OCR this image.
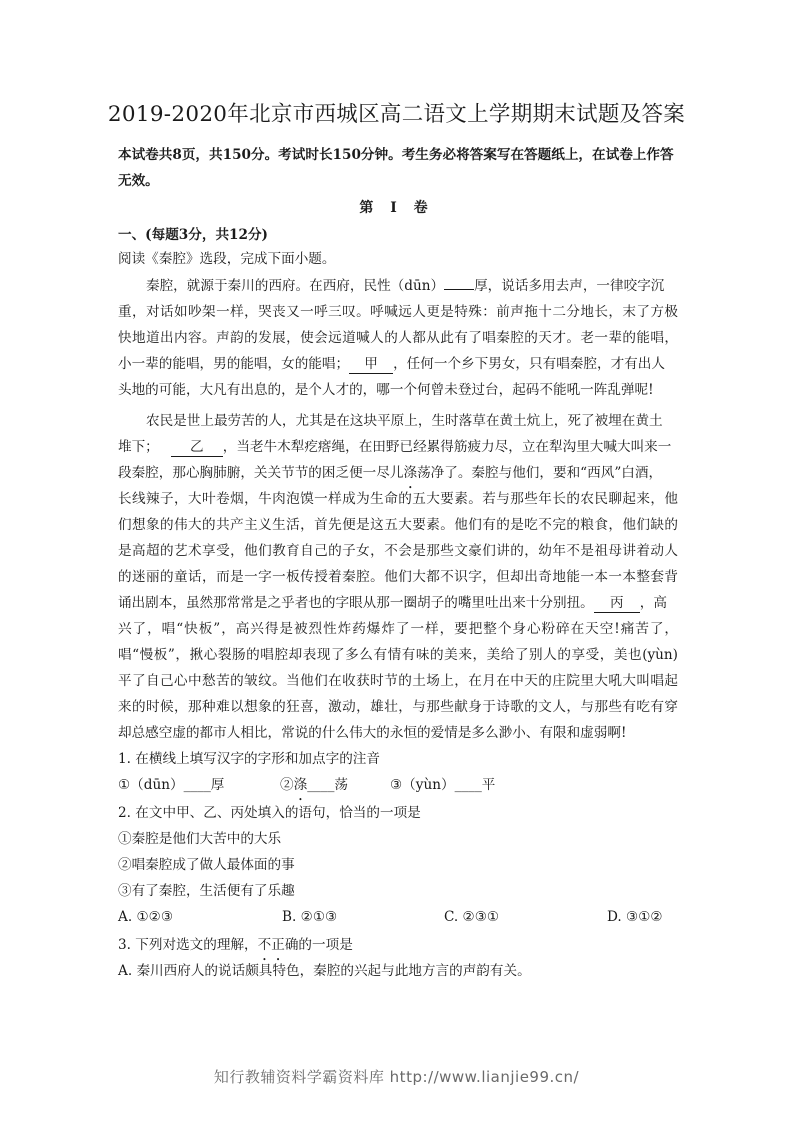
2019-2020年北京市西城区高二语文上学期期末试题及答案
本试卷共8页，共150分。考试时长150分钟。考生务必将答案写在答题纸上，在试卷上作答无效。
第 Ⅰ 卷
一、(每题3分，共12分)
阅读《秦腔》选段，完成下面小题。
秦腔，就源于秦川的西府。在西府，民性（dūn） 厚，说话多用去声，一律咬字沉
重，对话如吵架一样，哭丧又一呼三叹。呼喊远人更是特殊：前声拖十二分地长，末了方极
快地道出内容。声韵的发展，使会远道喊人的人都从此有了唱秦腔的天才。老一辈的能唱，
小一辈的能唱，男的能唱，女的能唱； 甲 ，任何一个乡下男女，只有唱秦腔，才有出人
头地的可能，大凡有出息的，是个人才的，哪一个何曾未登过台，起码不能吼一阵乱弹呢!
农民是世上最劳苦的人，尤其是在这块平原上，生时落草在黄土炕上，死了被埋在黄土
堆下； 乙 ，当老牛木犁疙瘩绳，在田野已经累得筋疲力尽，立在犁沟里大喊大叫来一
段秦腔，那心胸肺腑，关关节节的困乏便一尽儿涤荡净了。秦腔与他们，要和“西风”白酒，
长线辣子，大叶卷烟，牛肉泡馍一样成为生命的五大要素。若与那些年长的农民聊起来，他
们想象的伟大的共产主义生活，首先便是这五大要素。他们有的是吃不完的粮食，他们缺的
是高超的艺术享受，他们教育自己的子女，不会是那些文豪们讲的，幼年不是祖母讲着动人
的迷丽的童话，而是一字一板传授着秦腔。他们大都不识字，但却出奇地能一本一本整套背
诵出剧本，虽然那常常是之乎者也的字眼从那一圈胡子的嘴里吐出来十分别扭。 丙 ，高
兴了，唱“快板”，高兴得是被烈性炸药爆炸了一样，要把整个身心粉碎在天空!痛苦了，
唱“慢板”，揪心裂肠的唱腔却表现了多么有情有味的美来，美给了别人的享受，美也(yùn)
平了自己心中愁苦的皱纹。当他们在收获时节的土场上，在月在中天的庄院里大吼大叫唱起
来的时候，那种难以想象的狂喜，激动，雄壮，与那些献身于诗歌的文人，与那些有吃有穿
却总感空虚的都市人相比，常说的什么伟大的永恒的爱情是多么渺小、有限和虚弱啊!
1. 在横线上填写汉字的字形和加点字的注音
①（dūn）____厚	②涤____荡	③（yùn）____平
2. 在文中甲、乙、丙处填入的语句，恰当的一项是
①秦腔是他们大苦中的大乐
②唱秦腔成了做人最体面的事
③有了秦腔，生活便有了乐趣
A. ①②③	B. ②①③	C. ②③①	D. ③①②
3. 下列对选文的理解，不正确的一项是
A. 秦川西府人的说话颇具特色，秦腔的兴起与此地方言的声韵有关。
知行教辅资料学霸资料库 http://www.lianjie99.cn/
